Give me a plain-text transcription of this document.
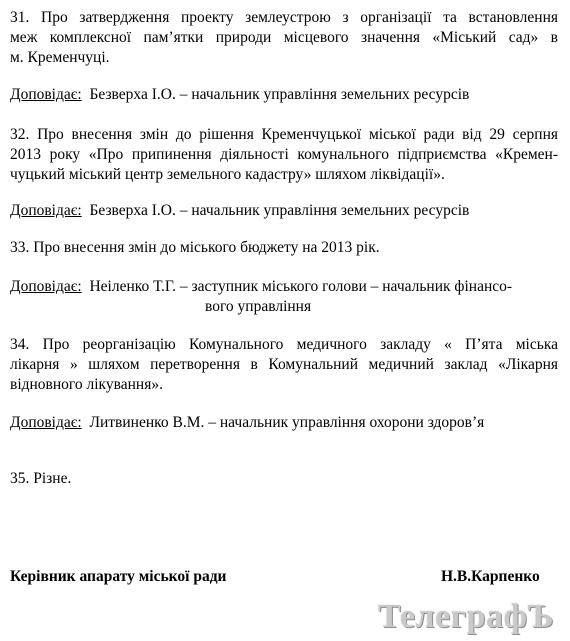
31. Про затвердження проекту землеустрою з організації та встановлення
меж комплексної пам’ятки природи місцевого значення «Міський сад» в
м. Кременчуці.
Доповідає: Безверха І.О. – начальник управління земельних ресурсів
32. Про внесення змін до рішення Кременчуцької міської ради від 29 серпня
2013 року «Про припинення діяльності комунального підприємства «Кремен-
чуцький міський центр земельного кадастру» шляхом ліквідації».
Доповідає: Безверха І.О. – начальник управління земельних ресурсів
33. Про внесення змін до міського бюджету на 2013 рік.
Доповідає: Неіленко Т.Г. – заступник міського голови – начальник фінансо-
вого управління
34. Про реорганізацію Комунального медичного закладу « П’ята міська
лікарня » шляхом перетворення в Комунальний медичний заклад «Лікарня
відновного лікування».
Доповідає: Литвиненко В.М. – начальник управління охорони здоров’я
35. Різне.
Керівник апарату міської ради	Н.В.Карпенко
ТелеграфЪ
